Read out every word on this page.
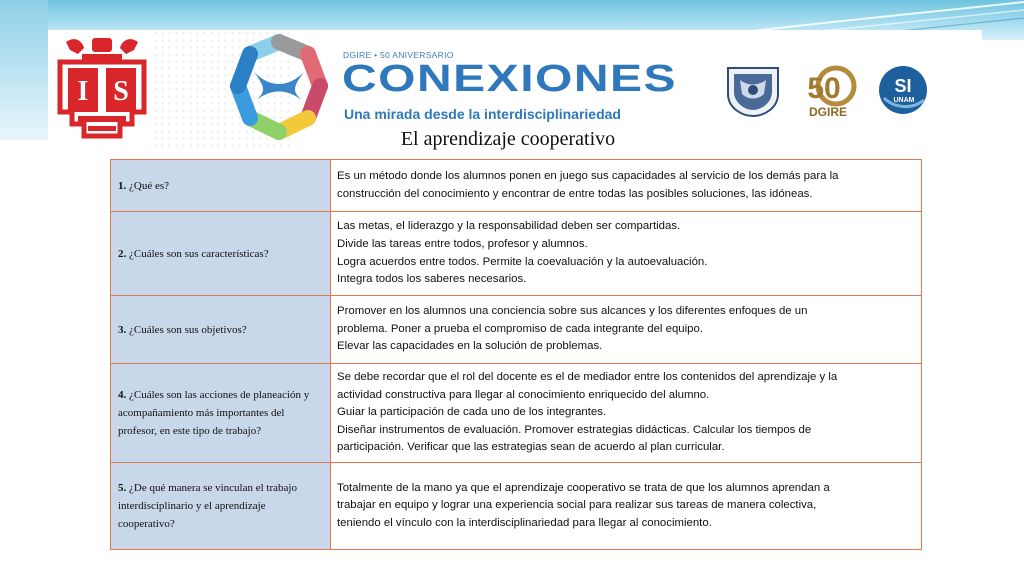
I S
DGIRE • 50 ANIVERSARIO
CONEXIONES
Una mirada desde la interdisciplinariedad
50
DGIRE
SI
UNAM
El aprendizaje cooperativo
1. ¿Qué es?	Es un método donde los alumnos ponen en juego sus capacidades al servicio de los demás para la
construcción del conocimiento y encontrar de entre todas las posibles soluciones, las idóneas.

2. ¿Cuáles son sus características?	Las metas, el liderazgo y la responsabilidad deben ser compartidas.
Divide las tareas entre todos, profesor y alumnos.
Logra acuerdos entre todos. Permite la coevaluación y la autoevaluación.
Integra todos los saberes necesarios.

3. ¿Cuáles son sus objetivos?	Promover en los alumnos una conciencia sobre sus alcances y los diferentes enfoques de un
problema. Poner a prueba el compromiso de cada integrante del equipo.
Elevar las capacidades en la solución de problemas.

4. ¿Cuáles son las acciones de planeación y acompañamiento más importantes del profesor, en este tipo de trabajo?	Se debe recordar que el rol del docente es el de mediador entre los contenidos del aprendizaje y la
actividad constructiva para llegar al conocimiento enriquecido del alumno.
Guiar la participación de cada uno de los integrantes.
Diseñar instrumentos de evaluación. Promover estrategias didácticas. Calcular los tiempos de
participación. Verificar que las estrategias sean de acuerdo al plan curricular.

5. ¿De qué manera se vinculan el trabajo interdisciplinario y el aprendizaje cooperativo?	Totalmente de la mano ya que el aprendizaje cooperativo se trata de que los alumnos aprendan a
trabajar en equipo y lograr una experiencia social para realizar sus tareas de manera colectiva,
teniendo el vínculo con la interdisciplinariedad para llegar al conocimiento.
